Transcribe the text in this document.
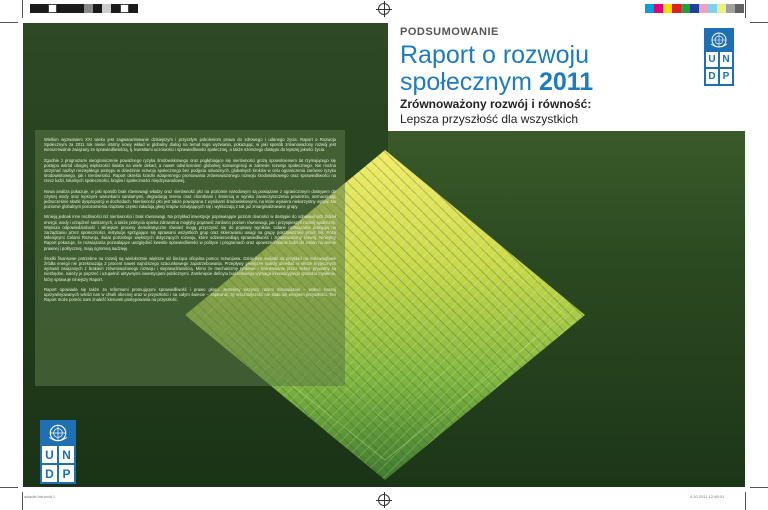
Wielkim wyzwaniem XXI wieku jest zagwarantowanie dzisiejszym i przyszłym pokoleniom prawa do zdrowego i udanego życia. Raport o Rozwoju Społecznym za 2011 rok niesie istotny nowy wkład w globalny dialog na temat tego wyzwania, pokazując, w jaki sposób zrównoważony rozwój jest nierozerwalnie związany ze sprawiedliwością, tj. kwestiami uczciwości i sprawiedliwości społecznej, a także szerszego dostępu do lepszej jakości życia.

Zgodnie z prognozami nieograniczenie poważnego ryzyka środowiskowego oraz pogłębiające się nierówności grożą spowolnieniem lat rzymającego się postępu wśród ubogiej większości świata na wiele dekad, a nawet odwróceniem globalnej konwergencji w zakresie rozwoju społecznego. Nie można utrzymać nazbyt niezwykłego postępu w dziedzinie rozwoju społecznego bez podjęcia odważnych, globalnych kroków w celu ograniczenia zarówno ryzyka środowiskowego, jak i nierówności. Raport określa ścieżki wzajemnego promowania zrównoważonego rozwoju środowiskowego oraz sprawiedliwości na rzecz ludzi, lokalnych społeczności, krajów i społeczności międzynarodowej.

Nowa analiza pokazuje, w jaki sposób brak równowagi władzy oraz nierówność płci na poziomie narodowym są powiązane z ograniczonym dostępem do czystej wody oraz lepszymi warunkami sanitarnymi, degradacją terenu oraz chorobami i śmiercią w wyniku zanieczyszczenia powietrza, wzmacniając jednocześnie skutki dysproporcji w dochodach. Nierówność płci jest także powiązana z wynikami środowiskowymi, na które wywiera niekorzystny wpływ. Na poziomie globalnym porozumienia rządowe często załadują głosy krajów rozwijających się i wykluczają z tak już zmarginalizowane grupy.

Istnieją jednak inne możliwości niż nierówności i brak równowagi. Na przykład inwestycje poprawiające poziom równości w dostępie do odnawialnych źródeł energii, wody i urządzeń sanitarnych, a także pokrycia opieka zdrowotna mogłyby poprawić zarówno poziom równowagi, jak i przyspieszyć rozwój społeczny. Większa odpowiedzialność i silniejsze procesy demokratyczne również mogą przyczynić się do poprawy wyników. Udane rozwiązania polegają na zarządzaniu przez społeczności, instytucje sprzyjające się sprawami wszystkich grup oraz skierowaniu uwagi na grupy pokrzywdzone przez los. Poza Milenijnymi Celami Rozwoju, świat potrzebuje większych dotyczących rozwoju, które odzwierciedlają sprawiedliwość i zrównoważony rozwój. Niniejszy Raport pokazuje, że rozwiązania pozwalające uwzględnić kwestie sprawiedliwości w polityce i programach oraz upowszechnianie ludzi do zmian na arenie prawnej i politycznej, mają ogromną nadzieję.

Środki finansowe potrzebne na rozwój są wielokrotnie większe niż bieżąca oficjalna pomoc rozwojowa. Dzisiejsze wydatki na przykład na niskowęglowe źródła energii nie przekraczają 2 procent nawet najniższego szacunkowego zapotrzebowania. Przepływy pieniężne należy określać w sferze krytycznych wyzwań związanych z brakiem zrównoważonego rozwoju i nieprawdziwością. Mimo że mechanizmy rynkowe i finansowanie przez sektor prywatny są niezbędne, należy je poprzeć i uzupełnić aktywnymi inwestycjami publicznymi. Zamknięcie deficytu budżetowego wymaga innowacyjnego sposobu myślenia, który sprawuje niniejszy Raport.

Raport opowiada się także za reformami promującymi sprawiedliwość i prawo głosu. Jesteśmy wszyscy razem zobowiązani – wobec naszej uprzywilejowanych wśród nas w chwili obecnej oraz w przyszłości i na całym świecie – zapewnić, by teraźniejszość nie stała się wrogiem przyszłości. Ten Raport może pomóc nam znaleźć kierunek postępowania na przyszłość.

PODSUMOWANIE
Raport o rozwoju
społecznym 2011
Zrównoważony rozwój i równość:
Lepsza przyszłość dla wszystkich
U N
D P
U N
D P
okladki hdr.indd 1	4.10.2011 12:48:01
